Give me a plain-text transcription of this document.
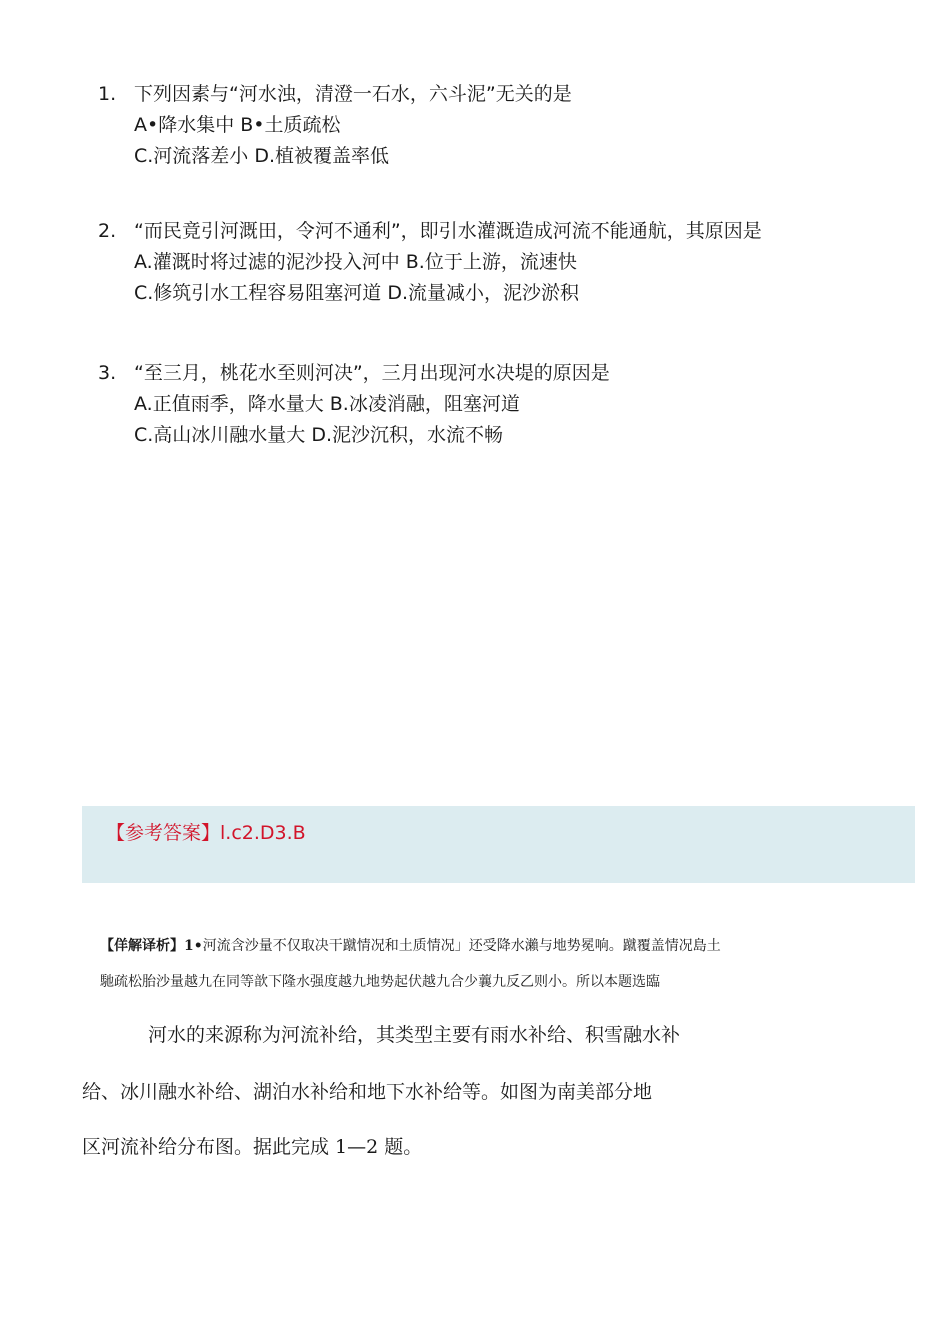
1. 下列因素与“河水浊，清澄一石水，六斗泥”无关的是
A•降水集中 B•土质疏松
C.河流落差小 D.植被覆盖率低
2. “而民竟引河溉田，令河不通利”，即引水灌溉造成河流不能通航，其原因是
A.灌溉时将过滤的泥沙投入河中 B.位于上游，流速快
C.修筑引水工程容易阻塞河道 D.流量减小，泥沙淤积
3. “至三月，桃花水至则河决”，三月出现河水决堤的原因是
A.正值雨季，降水量大 B.冰凌消融，阻塞河道
C.高山冰川融水量大 D.泥沙沉积，水流不畅
【参考答案】l.c2.D3.B
【佯解译析】1•河流含沙量不仅取决干蹴情况和土质情况」还受降水瀨与地势冕响。蹴覆盖情况島土
馳疏松胎沙量越九在同等歆下隆水强度越九地势起伏越九合少蘘九反乙则小。所以本题选臨
河水的来源称为河流补给，其类型主要有雨水补给、积雪融水补
给、冰川融水补给、湖泊水补给和地下水补给等。如图为南美部分地
区河流补给分布图。据此完成 1—2 题。
